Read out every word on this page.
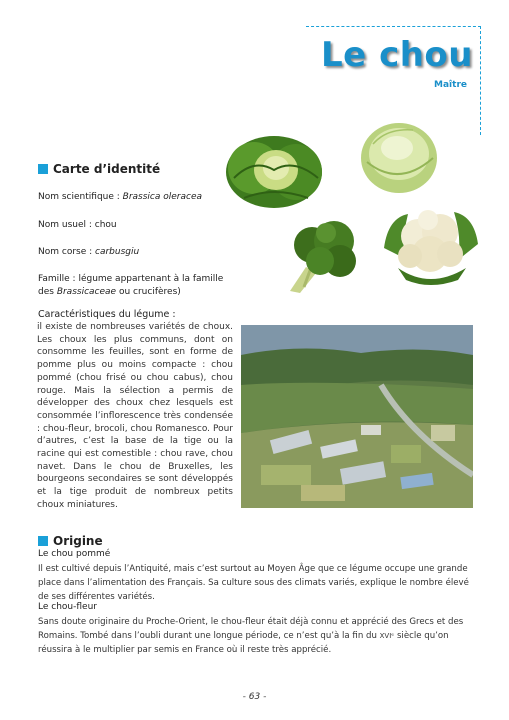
Le chou
Maître
Carte d’identité
Nom scientifique : Brassica oleracea
Nom usuel : chou
Nom corse : carbusgiu
Famille : légume appartenant à la famille
des Brassicaceae ou crucifères)
Caractéristiques du légume :
il existe de nombreuses variétés de choux. Les choux les plus communs, dont on consomme les feuilles, sont en forme de pomme plus ou moins compacte : chou pommé (chou frisé ou chou cabus), chou rouge. Mais la sélection a permis de développer des choux chez lesquels est consommée l’inflorescence très condensée : chou-fleur, brocoli, chou Romanesco. Pour d’autres, c’est la base de la tige ou la racine qui est comestible : chou rave, chou navet. Dans le chou de Bruxelles, les bourgeons secondaires se sont développés et la tige produit de nombreux petits choux miniatures.
Origine
Le chou pommé
Il est cultivé depuis l’Antiquité, mais c’est surtout au Moyen Âge que ce légume occupe une grande place dans l’alimentation des Français. Sa culture sous des climats variés, explique le nombre élevé de ses différentes variétés.
Le chou-fleur
Sans doute originaire du Proche-Orient, le chou-fleur était déjà connu et apprécié des Grecs et des Romains. Tombé dans l’oubli durant une longue période, ce n’est qu’à la fin du XVIᵉ siècle qu’on réussira à le multiplier par semis en France où il reste très apprécié.
- 63 -
